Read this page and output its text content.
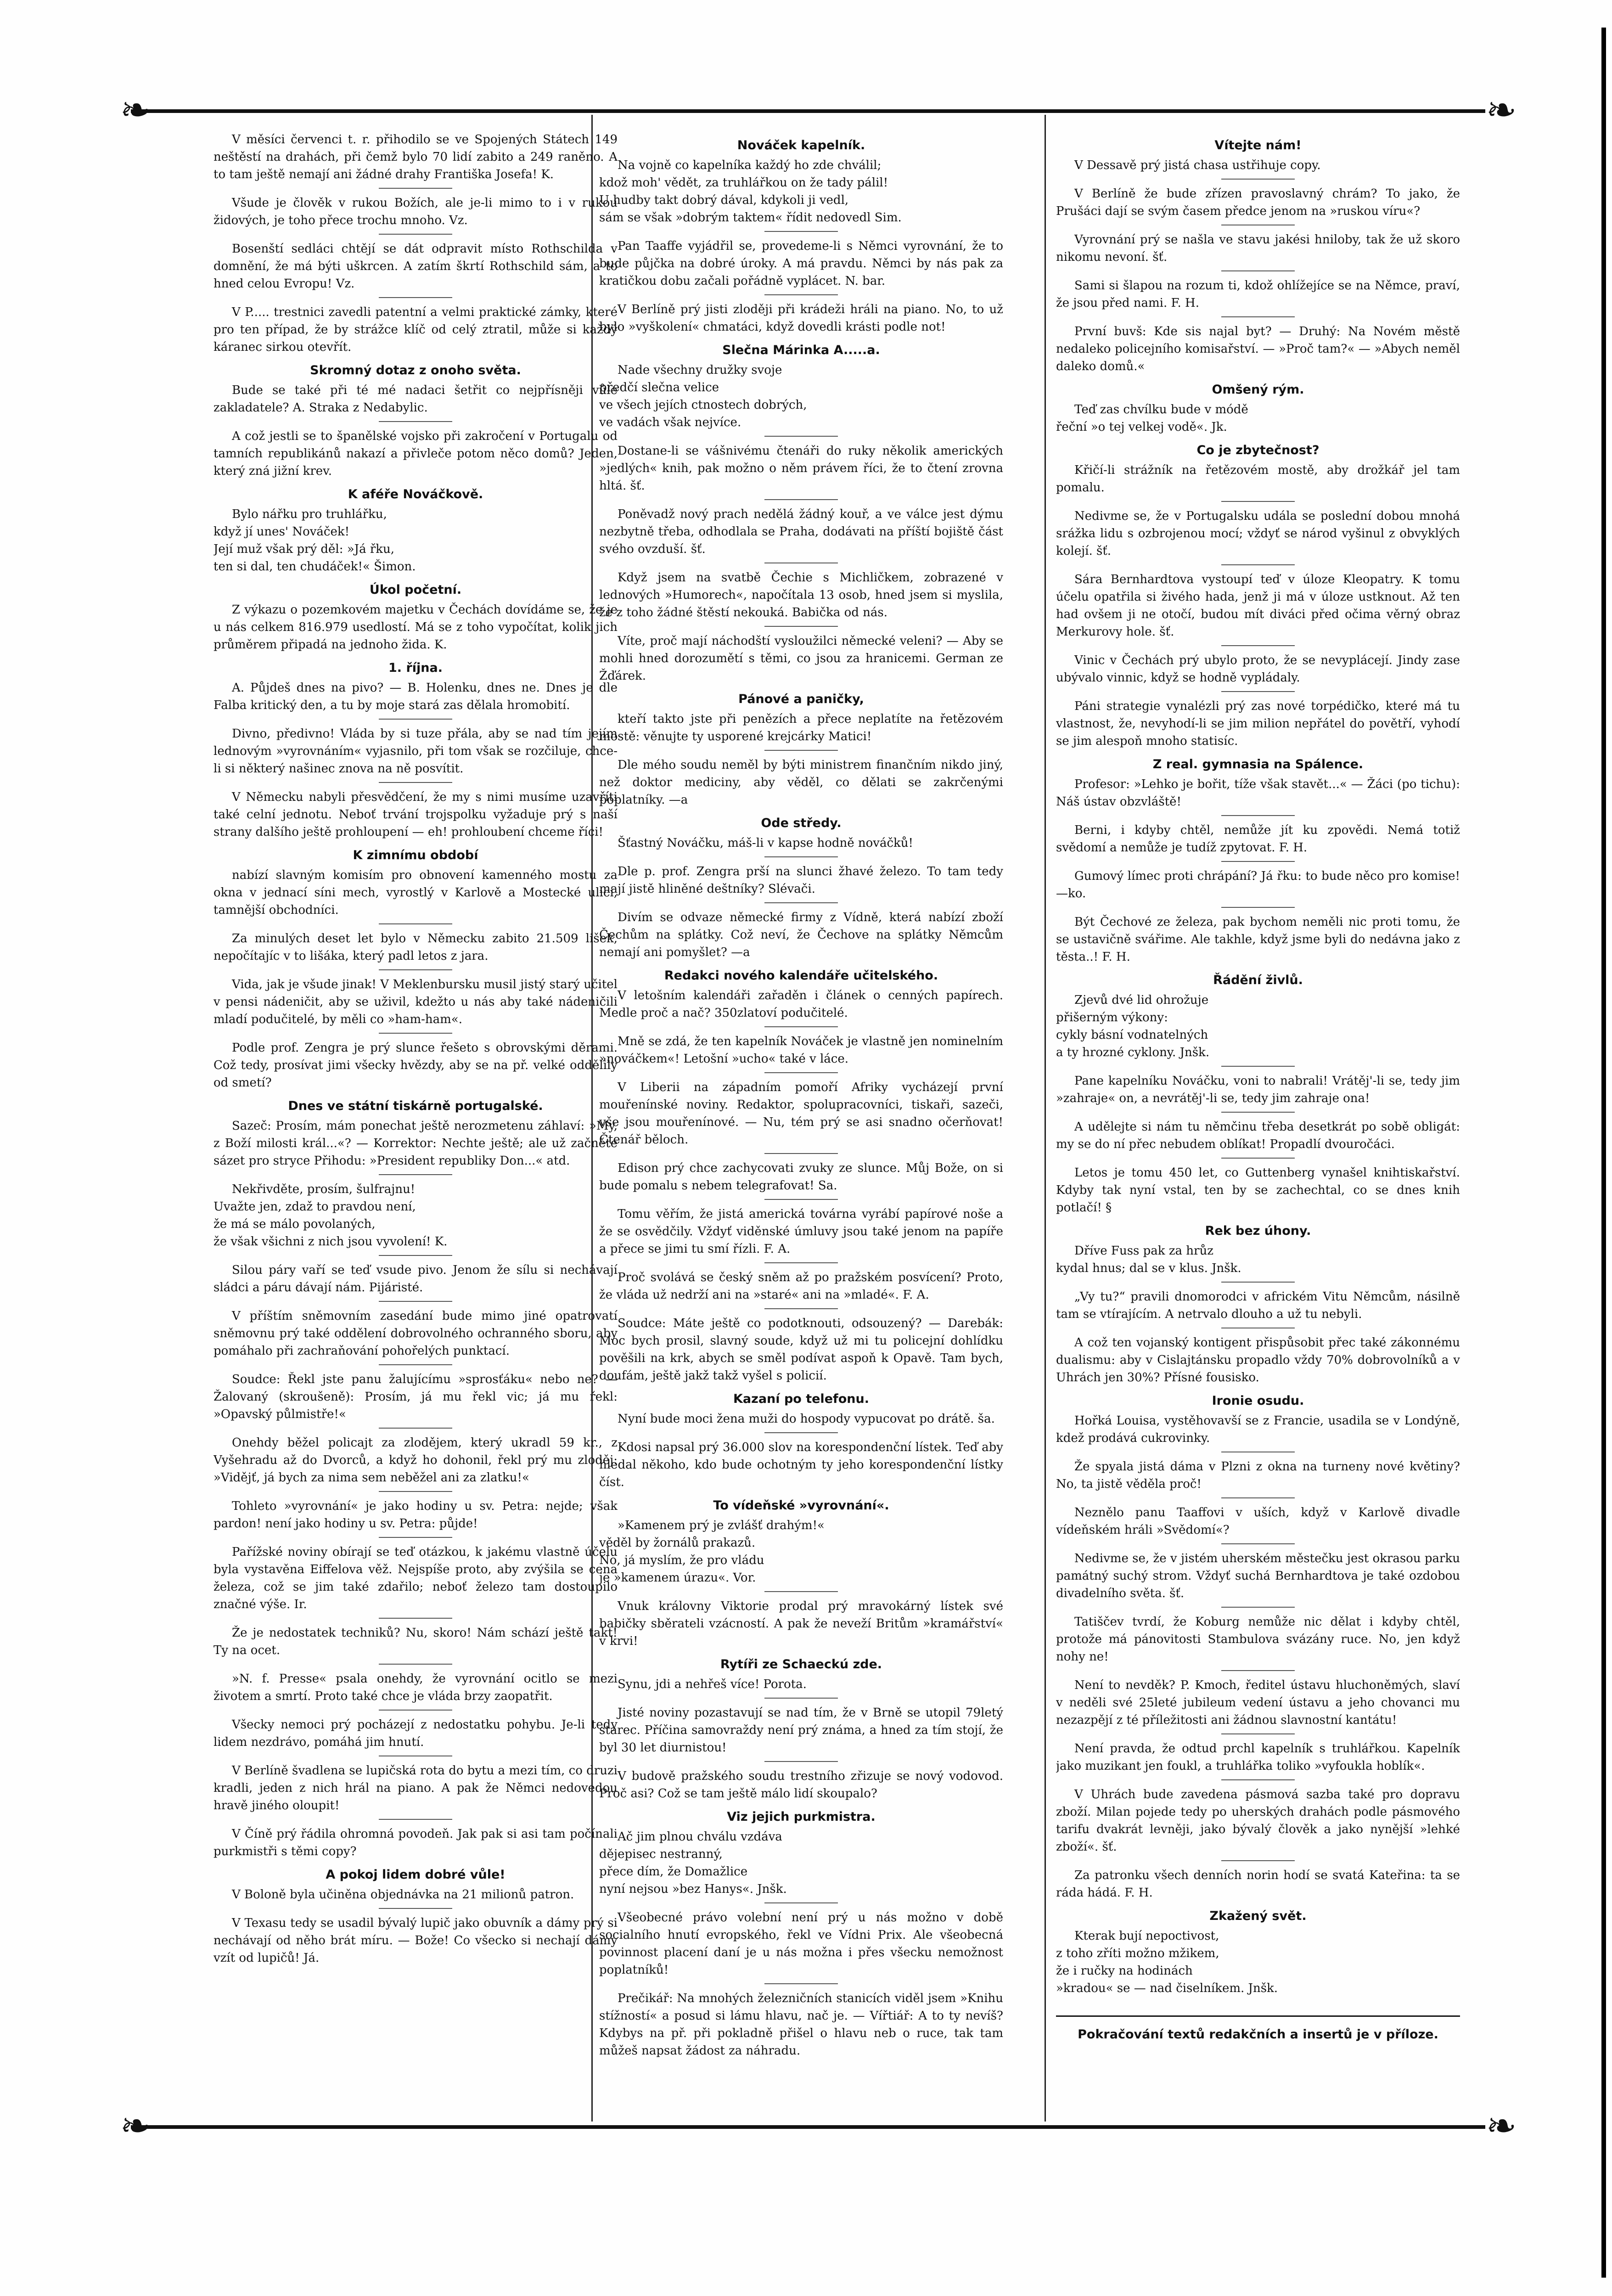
❧	❧
❧	❧

V měsíci červenci t. r. přihodilo se ve Spojených Státech 149 neštěstí na drahách, při čemž bylo 70 lidí zabito a 249 raněno. A to tam ještě nemají ani žádné drahy Františka Josefa! K.

Všude je člověk v rukou Božích, ale je-li mimo to i v rukou židových, je toho přece trochu mnoho. Vz.

Bosenští sedláci chtějí se dát odpravit místo Rothschilda v domnění, že má býti uškrcen. A zatím škrtí Rothschild sám, a to hned celou Evropu! Vz.

V P..... trestnici zavedli patentní a velmi praktické zámky, které pro ten případ, že by strážce klíč od celý ztratil, může si každý káranec sirkou otevřít.

Skromný dotaz z onoho světa.

Bude se také při té mé nadaci šetřit co nejpřísněji vůle zakladatele? A. Straka z Nedabylic.

A což jestli se to španělské vojsko při zakročení v Portugalu od tamních republikánů nakazí a přivleče potom něco domů? Jeden, který zná jižní krev.

K aféře Nováčkově.

Bylo nářku pro truhlářku,
když jí unes' Nováček!
Její muž však prý děl: »Já řku,
ten si dal, ten chudáček!« Šimon.

Úkol početní.

Z výkazu o pozemkovém majetku v Čechách dovídáme se, že je u nás celkem 816.979 usedlostí. Má se z toho vypočítat, kolik jich průměrem připadá na jednoho žida. K.

1. října.

A. Půjdeš dnes na pivo? — B. Holenku, dnes ne. Dnes je dle Falba kritický den, a tu by moje stará zas dělala hromobití.

Divno, předivno! Vláda by si tuze přála, aby se nad tím jejím lednovým »vyrovnáním« vyjasnilo, při tom však se rozčiluje, chce-li si některý našinec znova na ně posvítit.

V Německu nabyli přesvědčení, že my s nimi musíme uzavříti také celní jednotu. Neboť trvání trojspolku vyžaduje prý s naší strany dalšího ještě prohloupení — eh! prohloubení chceme říci!

K zimnímu období

nabízí slavným komisím pro obnovení kamenného mostu za okna v jednací síni mech, vyrostlý v Karlově a Mostecké ulici, tamnější obchodníci.

Za minulých deset let bylo v Německu zabito 21.509 lišek, nepočítajíc v to lišáka, který padl letos z jara.

Vida, jak je všude jinak! V Meklenbursku musil jistý starý učitel v pensi nádeničit, aby se uživil, kdežto u nás aby také nádeničili mladí podučitelé, by měli co »ham-ham«.

Podle prof. Zengra je prý slunce řešeto s obrovskými děrami. Což tedy, prosívat jimi všecky hvězdy, aby se na př. velké oddělily od smetí?

Dnes ve státní tiskárně portugalské.

Sazeč: Prosím, mám ponechat ještě nerozmetenu záhlaví: »My, z Boží milosti král...«? — Korrektor: Nechte ještě; ale už začněte sázet pro stryce Přihodu: »President republiky Don...« atd.

Nekřivděte, prosím, šulfrajnu!
Uvažte jen, zdaž to pravdou není,
že má se málo povolaných,
že však všichni z nich jsou vyvolení! K.

Silou páry vaří se teď vsude pivo. Jenom že sílu si nechávají sládci a páru dávají nám. Pijáristé.

V příštím sněmovním zasedání bude mimo jiné opatrovatí sněmovnu prý také oddělení dobrovolného ochranného sboru, aby pomáhalo při zachraňování pohořelých punktací.

Soudce: Řekl jste panu žalujícímu »sprosťáku« nebo ne? — Žalovaný (skroušeně): Prosím, já mu řekl vic; já mu řekl: »Opavský půlmistře!«

Onehdy běžel policajt za zlodějem, který ukradl 59 kr., z Vyšehradu až do Dvorců, a když ho dohonil, řekl prý mu zloděj: »Vidějť, já bych za nima sem neběžel ani za zlatku!«

Tohleto »vyrovnání« je jako hodiny u sv. Petra: nejde; však pardon! není jako hodiny u sv. Petra: půjde!

Pařížské noviny obírají se teď otázkou, k jakému vlastně účelu byla vystavěna Eiffelova věž. Nejspíše proto, aby zvýšila se cena železa, což se jim také zdařilo; neboť železo tam dostoupilo značné výše. Ir.

Že je nedostatek techniků? Nu, skoro! Nám schází ještě takt! Ty na ocet.

»N. f. Presse« psala onehdy, že vyrovnání ocitlo se mezi životem a smrtí. Proto také chce je vláda brzy zaopatřit.

Všecky nemoci prý pocházejí z nedostatku pohybu. Je-li tedy lidem nezdrávo, pomáhá jim hnutí.

V Berlíně švadlena se lupičská rota do bytu a mezi tím, co druzi kradli, jeden z nich hrál na piano. A pak že Němci nedovedou hravě jiného oloupit!

V Číně prý řádila ohromná povodeň. Jak pak si asi tam počínali purkmistři s těmi copy?

A pokoj lidem dobré vůle!

V Boloně byla učiněna objednávka na 21 milionů patron.

V Texasu tedy se usadil bývalý lupič jako obuvník a dámy prý si nechávají od něho brát míru. — Bože! Co všecko si nechají dámy vzít od lupičů! Já.

Nováček kapelník.

Na vojně co kapelníka každý ho zde chválil;
kdož moh' vědět, za truhlářkou on že tady pálil!
U hudby takt dobrý dával, kdykoli ji vedl,
sám se však »dobrým taktem« řídit nedovedl Sim.

Pan Taaffe vyjádřil se, provedeme-li s Němci vyrovnání, že to bude půjčka na dobré úroky. A má pravdu. Němci by nás pak za kratičkou dobu začali pořádně vyplácet. N. bar.

V Berlíně prý jisti zloději při krádeži hráli na piano. No, to už bylo »vyškolení« chmatáci, když dovedli krásti podle not!

Slečna Márinka A.....a.

Nade všechny družky svoje
předčí slečna velice
ve všech jejích ctnostech dobrých,
ve vadách však nejvíce.

Dostane-li se vášnivému čtenáři do ruky několik amerických »jedlých« knih, pak možno o něm právem říci, že to čtení zrovna hltá. šť.

Poněvadž nový prach nedělá žádný kouř, a ve válce jest dýmu nezbytně třeba, odhodlala se Praha, dodávati na příští bojiště část svého ovzduší. šť.

Když jsem na svatbě Čechie s Michličkem, zobrazené v lednových »Humorech«, napočítala 13 osob, hned jsem si myslila, že z toho žádné štěstí nekouká. Babička od nás.

Víte, proč mají náchodští vysloužilci německé veleni? — Aby se mohli hned dorozumětí s těmi, co jsou za hranicemi. German ze Žďárek.

Pánové a paničky,

kteří takto jste při penězích a přece neplatíte na řetězovém mostě: věnujte ty usporené krejcárky Matici!

Dle mého soudu neměl by býti ministrem finančním nikdo jiný, než doktor mediciny, aby věděl, co dělati se zakrčenými poplatníky. —a

Ode středy.

Šťastný Nováčku, máš-li v kapse hodně nováčků!

Dle p. prof. Zengra prší na slunci žhavé železo. To tam tedy mají jistě hliněné deštníky? Slévači.

Divím se odvaze německé firmy z Vídně, která nabízí zboží Čechům na splátky. Což neví, že Čechove na splátky Němcům nemají ani pomyšlet? —a

Redakci nového kalendáře učitelského.

V letošním kalendáři zařaděn i článek o cenných papírech. Medle proč a nač? 350zlatoví podučitelé.

Mně se zdá, že ten kapelník Nováček je vlastně jen nominelním »nováčkem«! Letošní »ucho« také v láce.

V Liberii na západním pomoří Afriky vycházejí první mouřenínské noviny. Redaktor, spolupracovníci, tiskaři, sazeči, vše jsou mouřenínové. — Nu, tém prý se asi snadno očerňovat! Čtenář běloch.

Edison prý chce zachycovati zvuky ze slunce. Můj Bože, on si bude pomalu s nebem telegrafovat! Sa.

Tomu věřím, že jistá americká továrna vyrábí papírové noše a že se osvědčily. Vždyť viděnské úmluvy jsou také jenom na papíře a přece se jimi tu smí řízli. F. A.

Proč svolává se český sněm až po pražském posvícení? Proto, že vláda už nedrží ani na »staré« ani na »mladé«. F. A.

Soudce: Máte ještě co podotknouti, odsouzený? — Darebák: Moc bych prosil, slavný soude, když už mi tu policejní dohlídku pověšili na krk, abych se směl podívat aspoň k Opavě. Tam bych, doufám, ještě jakž takž vyšel s policií.

Kazaní po telefonu.

Nyní bude moci žena muži do hospody vypucovat po drátě. ša.

Kdosi napsal prý 36.000 slov na korespondenční lístek. Teď aby hledal někoho, kdo bude ochotným ty jeho korespondenční lístky číst.

To vídeňské »vyrovnání«.

»Kamenem prý je zvlášť drahým!«
věděl by žornálů prakazů.
No, já myslím, že pro vládu
je »kamenem úrazu«. Vor.

Vnuk královny Viktorie prodal prý mravokárný lístek své babičky sběrateli vzácností. A pak že neveží Britům »kramářství« v krvi!

Rytíři ze Schaeckú zde.

Synu, jdi a nehřeš více! Porota.

Jisté noviny pozastavují se nad tím, že v Brně se utopil 79letý starec. Příčina samovraždy není prý známa, a hned za tím stojí, že byl 30 let diurnistou!

V budově pražského soudu trestního zřizuje se nový vodovod. Proč asi? Což se tam ještě málo lidí skoupalo?

Viz jejich purkmistra.

Ač jim plnou chválu vzdáva
dějepisec nestranný,
přece dím, že Domažlice
nyní nejsou »bez Hanys«. Jnšk.

Všeobecné právo volební není prý u nás možno v době socialního hnutí evropského, řekl ve Vídni Prix. Ale všeobecná povinnost placení daní je u nás možna i přes všecku nemožnost poplatníků!

Prečikář: Na mnohých železničních stanicích viděl jsem »Knihu stížností« a posud si lámu hlavu, nač je. — Vířtiář: A to ty nevíš? Kdybys na př. při pokladně přišel o hlavu neb o ruce, tak tam můžeš napsat žádost za náhradu.

Vítejte nám!

V Dessavě prý jistá chasa ustřihuje copy.

V Berlíně že bude zřízen pravoslavný chrám? To jako, že Prušáci dají se svým časem předce jenom na »ruskou víru«?

Vyrovnání prý se našla ve stavu jakési hniloby, tak že už skoro nikomu nevoní. šť.

Sami si šlapou na rozum ti, kdož ohlížejíce se na Němce, praví, že jsou před nami. F. H.

První buvš: Kde sis najal byt? — Druhý: Na Novém městě nedaleko policejního komisařství. — »Proč tam?« — »Abych neměl daleko domů.«

Omšený rým.

Teď zas chvílku bude v módě
řeční »o tej velkej vodě«. Jk.

Co je zbytečnost?

Křičí-li strážník na řetězovém mostě, aby drožkář jel tam pomalu.

Nedivme se, že v Portugalsku udála se poslední dobou mnohá srážka lidu s ozbrojenou mocí; vždyť se národ vyšinul z obvyklých kolejí. šť.

Sára Bernhardtova vystoupí teď v úloze Kleopatry. K tomu účelu opatřila si živého hada, jenž ji má v úloze ustknout. Až ten had ovšem ji ne otočí, budou mít diváci před očima věrný obraz Merkurovy hole. šť.

Vinic v Čechách prý ubylo proto, že se nevyplácejí. Jindy zase ubývalo vinnic, když se hodně vypládaly.

Páni strategie vynalézli prý zas nové torpédičko, které má tu vlastnost, že, nevyhodí-li se jim milion nepřátel do povětří, vyhodí se jim alespoň mnoho statisíc.

Z real. gymnasia na Spálence.

Profesor: »Lehko je bořit, tíže však stavět...« — Žáci (po tichu): Náš ústav obzvláště!

Berni, i kdyby chtěl, nemůže jít ku zpovědi. Nemá totiž svědomí a nemůže je tudíž zpytovat. F. H.

Gumový límec proti chrápání? Já řku: to bude něco pro komise! —ko.

Být Čechové ze železa, pak bychom neměli nic proti tomu, že se ustavičně svářime. Ale takhle, když jsme byli do nedávna jako z těsta..! F. H.

Řádění živlů.

Zjevů dvé lid ohrožuje
přišerným výkony:
cykly básní vodnatelných
a ty hrozné cyklony. Jnšk.

Pane kapelníku Nováčku, voni to nabrali! Vrátěj'-li se, tedy jim »zahraje« on, a nevrátěj'-li se, tedy jim zahraje ona!

A udělejte si nám tu němčinu třeba desetkrát po sobě obligát: my se do ní přec nebudem oblíkat! Propadlí dvouročáci.

Letos je tomu 450 let, co Guttenberg vynašel knihtiskařství. Kdyby tak nyní vstal, ten by se zachechtal, co se dnes knih potlačí! §

Rek bez úhony.

Dříve Fuss pak za hrůz
kydal hnus; dal se v klus. Jnšk.

„Vy tu?“ pravili dnomorodci v africkém Vitu Němcům, násilně tam se vtírajícím. A netrvalo dlouho a už tu nebyli.

A což ten vojanský kontigent přispůsobit přec také zákonnému dualismu: aby v Cislajtánsku propadlo vždy 70% dobrovolníků a v Uhrách jen 30%? Přísné fousisko.

Ironie osudu.

Hořká Louisa, vystěhovavší se z Francie, usadila se v Londýně, kdež prodává cukrovinky.

Že spyala jistá dáma v Plzni z okna na turneny nové květiny? No, ta jistě věděla proč!

Neznělo panu Taaffovi v uších, když v Karlově divadle vídeňském hráli »Svědomí«?

Nedivme se, že v jistém uherském městečku jest okrasou parku památný suchý strom. Vždyť suchá Bernhardtova je také ozdobou divadelního světa. šť.

Tatiščev tvrdí, že Koburg nemůže nic dělat i kdyby chtěl, protože má pánovitosti Stambulova svázány ruce. No, jen když nohy ne!

Není to nevděk? P. Kmoch, ředitel ústavu hluchoněmých, slaví v neděli své 25leté jubileum vedení ústavu a jeho chovanci mu nezazpějí z té příležitosti ani žádnou slavnostní kantátu!

Není pravda, že odtud prchl kapelník s truhlářkou. Kapelník jako muzikant jen foukl, a truhlářka toliko »vyfoukla hoblík«.

V Uhrách bude zavedena pásmová sazba také pro dopravu zboží. Milan pojede tedy po uherských drahách podle pásmového tarifu dvakrát levněji, jako bývalý člověk a jako nynější »lehké zboží«. šť.

Za patronku všech denních norin hodí se svatá Kateřina: ta se ráda hádá. F. H.

Zkažený svět.

Kterak bují nepoctivost,
z toho zříti možno mžikem,
že i ručky na hodinách
»kradou« se — nad čiselníkem. Jnšk.

Pokračování textů redakčních a insertů je v příloze.
